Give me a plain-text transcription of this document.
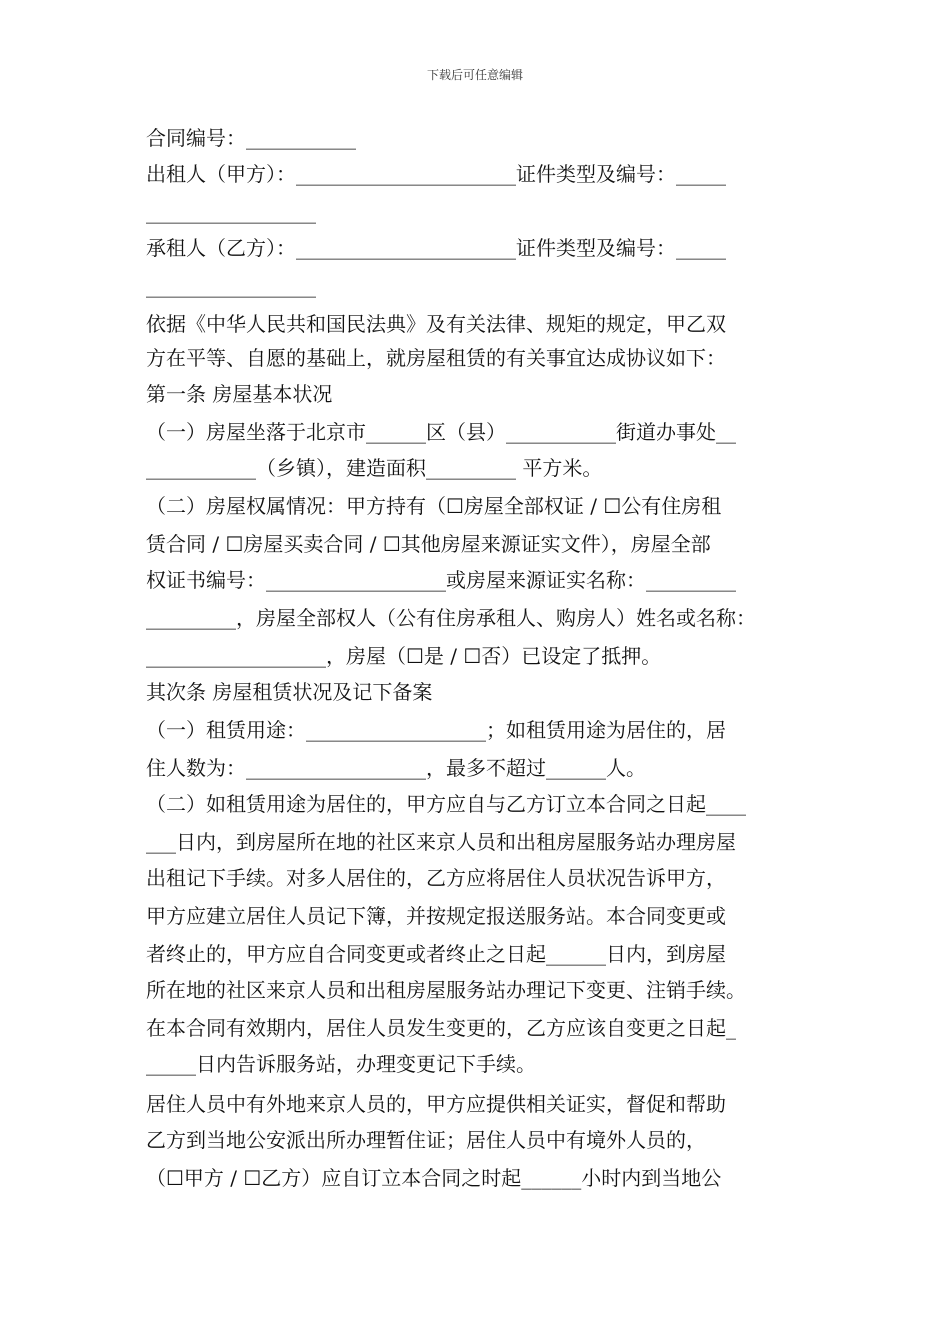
下载后可任意编辑
合同编号：___________
出租人（甲方）：______________________证件类型及编号：_____
_________________
承租人（乙方）：______________________证件类型及编号：_____
_________________
依据《中华人民共和国民法典》及有关法律、规矩的规定，甲乙双
方在平等、自愿的基础上，就房屋租赁的有关事宜达成协议如下：
第一条 房屋基本状况
（一）房屋坐落于北京市______区（县）___________街道办事处__
___________（乡镇），建造面积_________ 平方米。
（二）房屋权属情况：甲方持有（☐房屋全部权证 / ☐公有住房租
赁合同 / ☐房屋买卖合同 / ☐其他房屋来源证实文件），房屋全部
权证书编号：__________________或房屋来源证实名称：_________
_________，房屋全部权人（公有住房承租人、购房人）姓名或名称：
__________________，房屋（☐是 / ☐否）已设定了抵押。
其次条 房屋租赁状况及记下备案
（一）租赁用途：__________________；如租赁用途为居住的，居
住人数为：__________________，最多不超过______人。
（二）如租赁用途为居住的，甲方应自与乙方订立本合同之日起____
___日内，到房屋所在地的社区来京人员和出租房屋服务站办理房屋
出租记下手续。对多人居住的，乙方应将居住人员状况告诉甲方，
甲方应建立居住人员记下簿，并按规定报送服务站。本合同变更或
者终止的，甲方应自合同变更或者终止之日起______日内，到房屋
所在地的社区来京人员和出租房屋服务站办理记下变更、注销手续。
在本合同有效期内，居住人员发生变更的，乙方应该自变更之日起_
_____日内告诉服务站，办理变更记下手续。
居住人员中有外地来京人员的，甲方应提供相关证实，督促和帮助
乙方到当地公安派出所办理暂住证；居住人员中有境外人员的，
（☐甲方 / ☐乙方）应自订立本合同之时起______小时内到当地公
